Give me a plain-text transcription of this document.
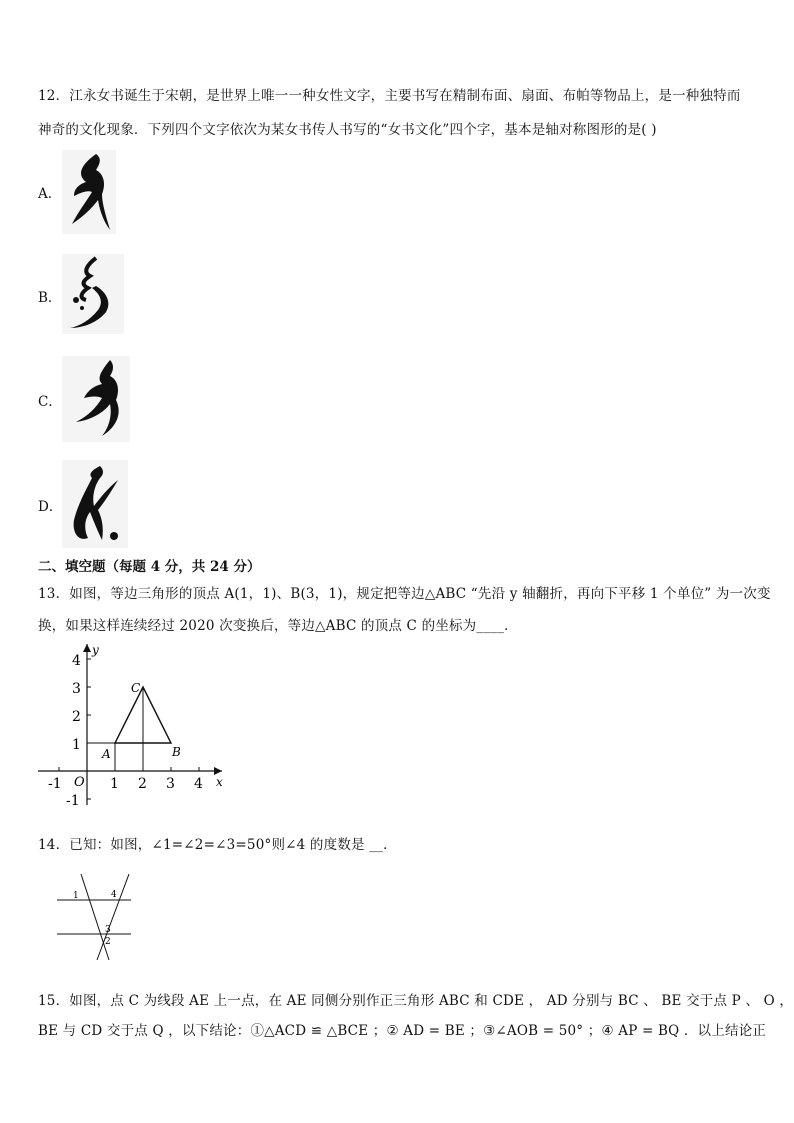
12．江永女书诞生于宋朝，是世界上唯一一种女性文字，主要书写在精制布面、扇面、布帕等物品上，是一种独特而
神奇的文化现象．下列四个文字依次为某女书传人书写的“女书文化”四个字，基本是轴对称图形的是( )
A．
B．
C．
D．
二、填空题（每题 4 分，共 24 分）
13．如图，等边三角形的顶点 A(1，1)、B(3，1)，规定把等边△ABC “先沿 y 轴翻折，再向下平移 1 个单位” 为一次变
换，如果这样连续经过 2020 次变换后，等边△ABC 的顶点 C 的坐标为____．
-1	1 2 3 4
4
3
2
1
-1
O	x
y
A	B
C
14．已知：如图，∠1=∠2=∠3=50°则∠4 的度数是 __．
1	4
3
2
15．如图，点 C 为线段 AE 上一点，在 AE 同侧分别作正三角形 ABC 和 CDE ， AD 分别与 BC 、 BE 交于点 P 、 O ，
BE 与 CD 交于点 Q ，以下结论：①△ACD ≌ △BCE ；② AD = BE ；③∠AOB = 50° ；④ AP = BQ ．以上结论正
